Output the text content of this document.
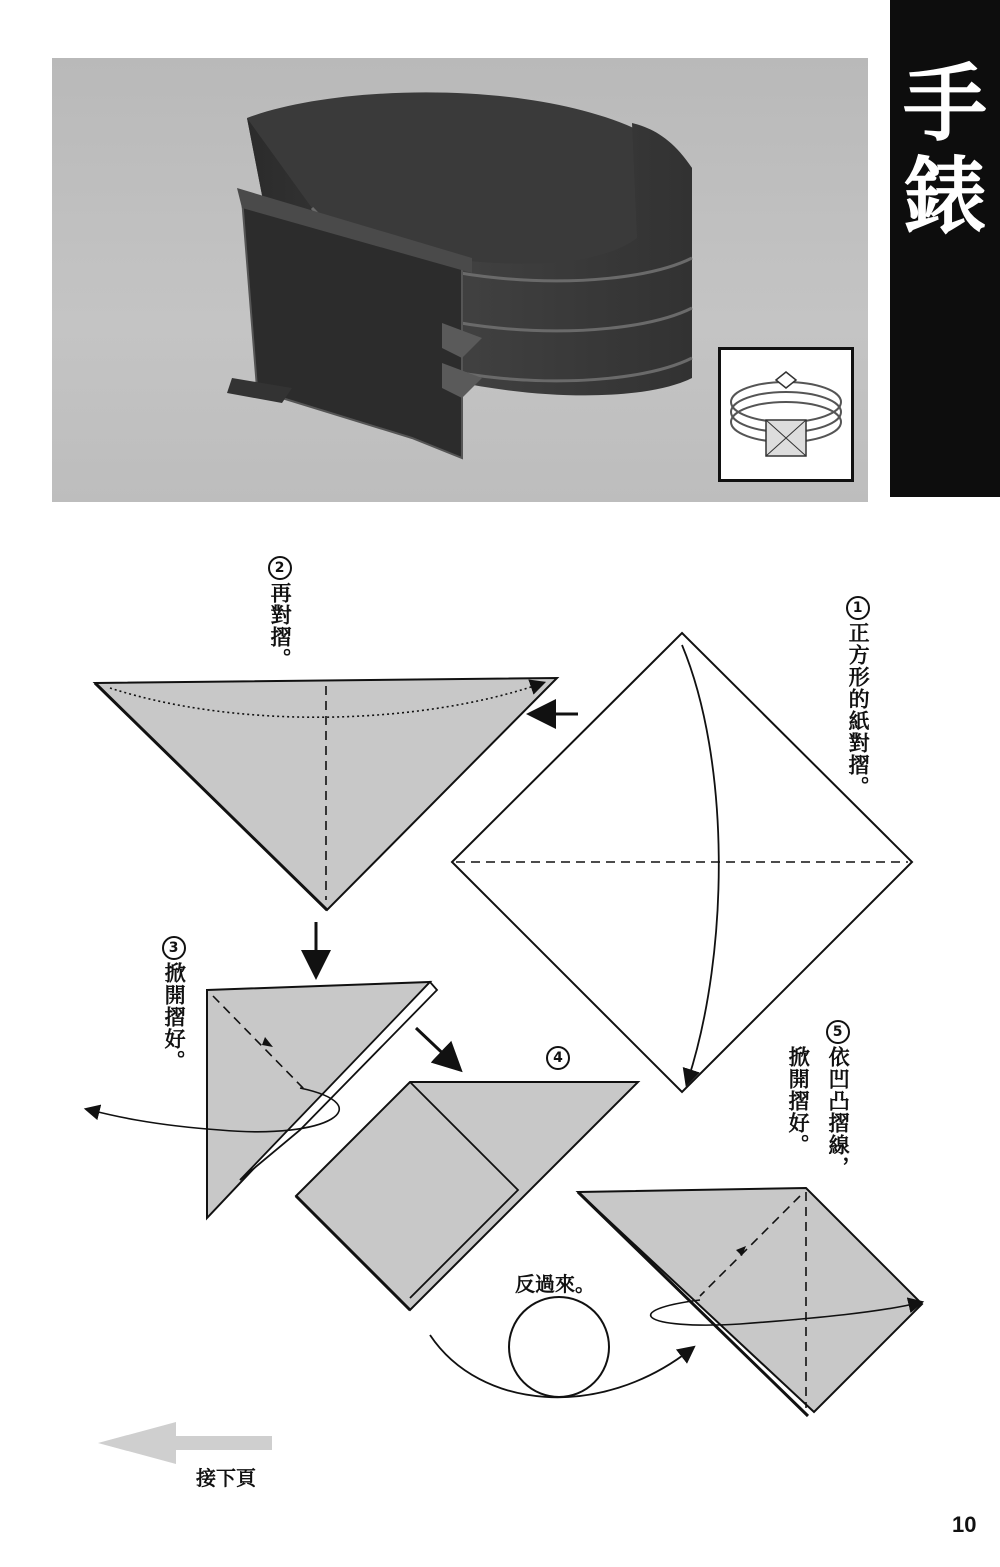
手
錶
1正方形的紙對摺。
2再對摺。
3掀開摺好。	4
5依凹凸摺線，
掀開摺好。
反過來。
接下頁
10
